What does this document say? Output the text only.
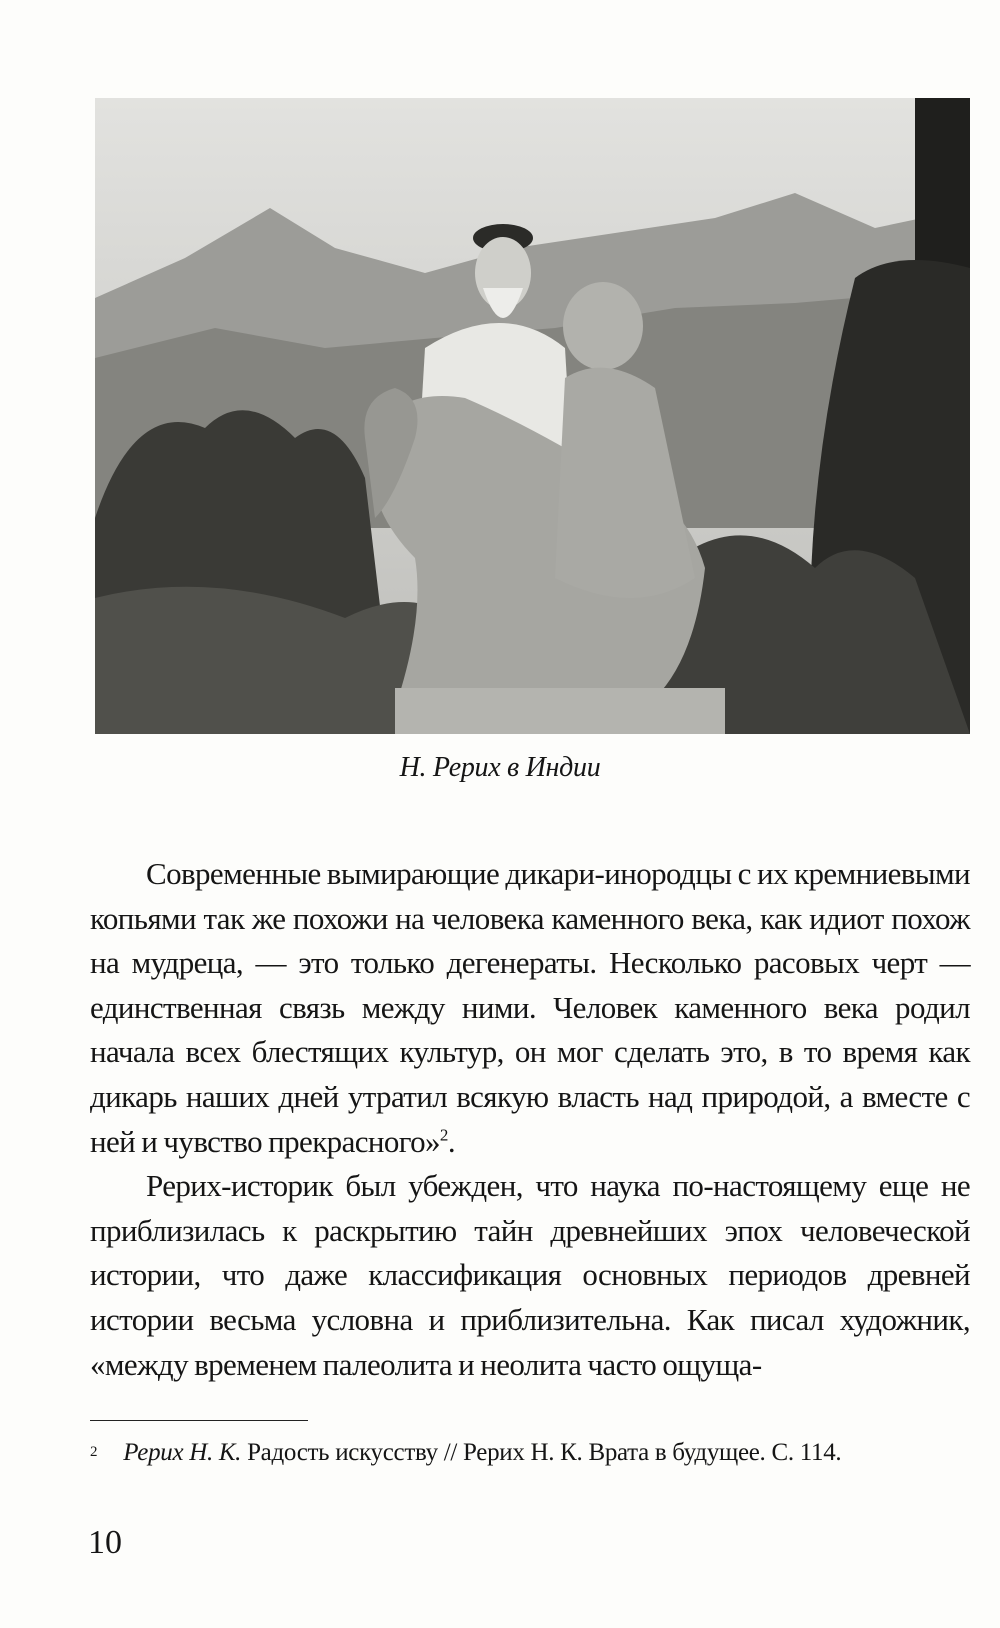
Н. Рерих в Индии

Современные вымирающие дикари-инородцы с их кремниевыми копьями так же похожи на человека каменного века, как идиот похож на мудреца, — это только дегенераты. Несколько расовых черт — единственная связь между ними. Человек каменного века родил начала всех блестящих культур, он мог сделать это, в то время как дикарь наших дней утратил всякую власть над природой, а вместе с ней и чувство прекрасного»$^2$.

Рерих-историк был убежден, что наука по-настоящему еще не приблизилась к раскрытию тайн древнейших эпох человеческой истории, что даже классификация основных периодов древней истории весьма условна и приблизительна. Как писал художник, «между временем палеолита и неолита часто ощуща-

2 Рерих Н. К. Радость искусству // Рерих Н. К. Врата в будущее. С. 114.
10
